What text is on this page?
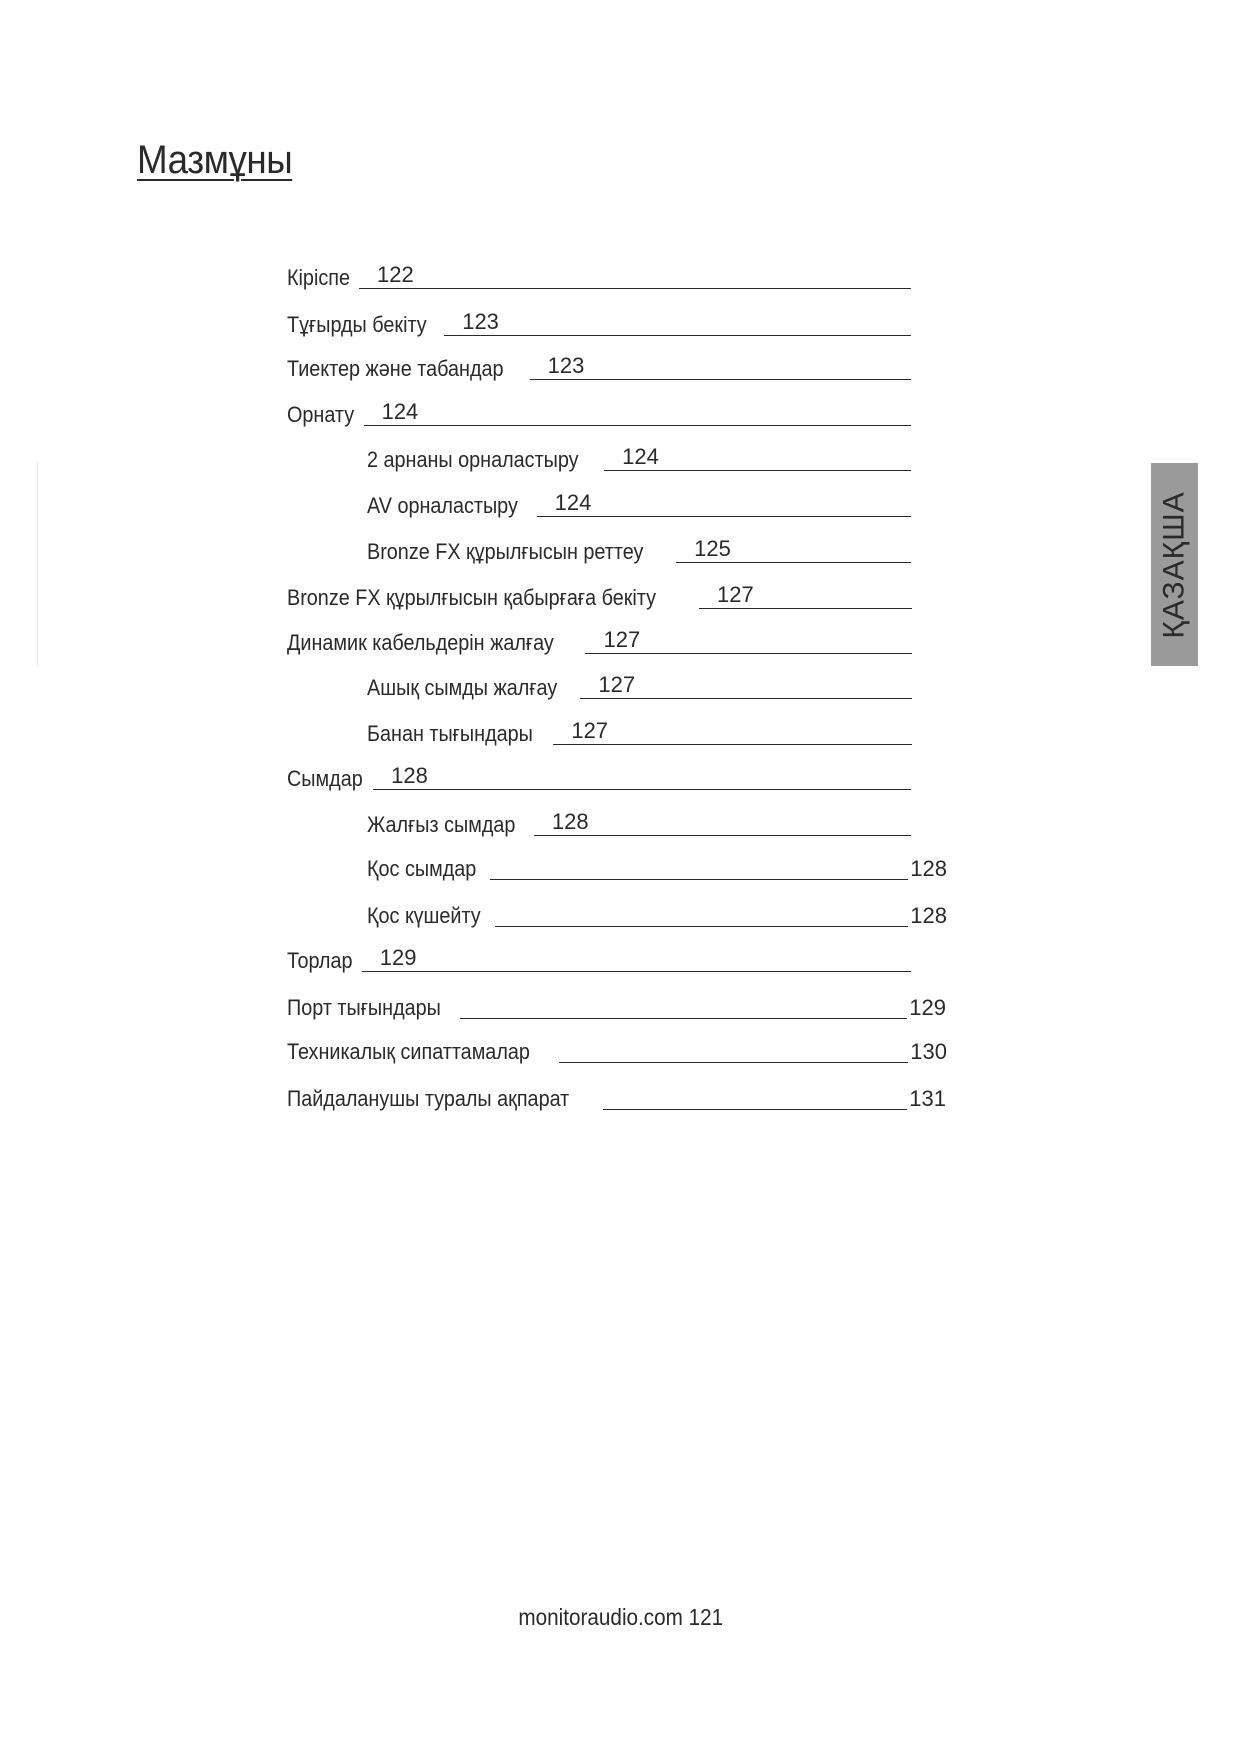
Мазмұны
Кіріспе 122
Тұғырды бекіту 123
Тиектер және табандар 123
Орнату 124
2 арнаны орналастыру 124
AV орналастыру 124
Bronze FX құрылғысын реттеу 125
Bronze FX құрылғысын қабырғаға бекіту	127
Динамик кабельдерін жалғау 127
Ашық сымды жалғау 127
Банан тығындары 127
Сымдар 128
Жалғыз сымдар 128
Қос сымдар	128
Қос күшейту	128
Торлар 129
Порт тығындары	129
Техникалық сипаттамалар	130
Пайдаланушы туралы ақпарат	131
ҚАЗАҚША
monitoraudio.com 121
